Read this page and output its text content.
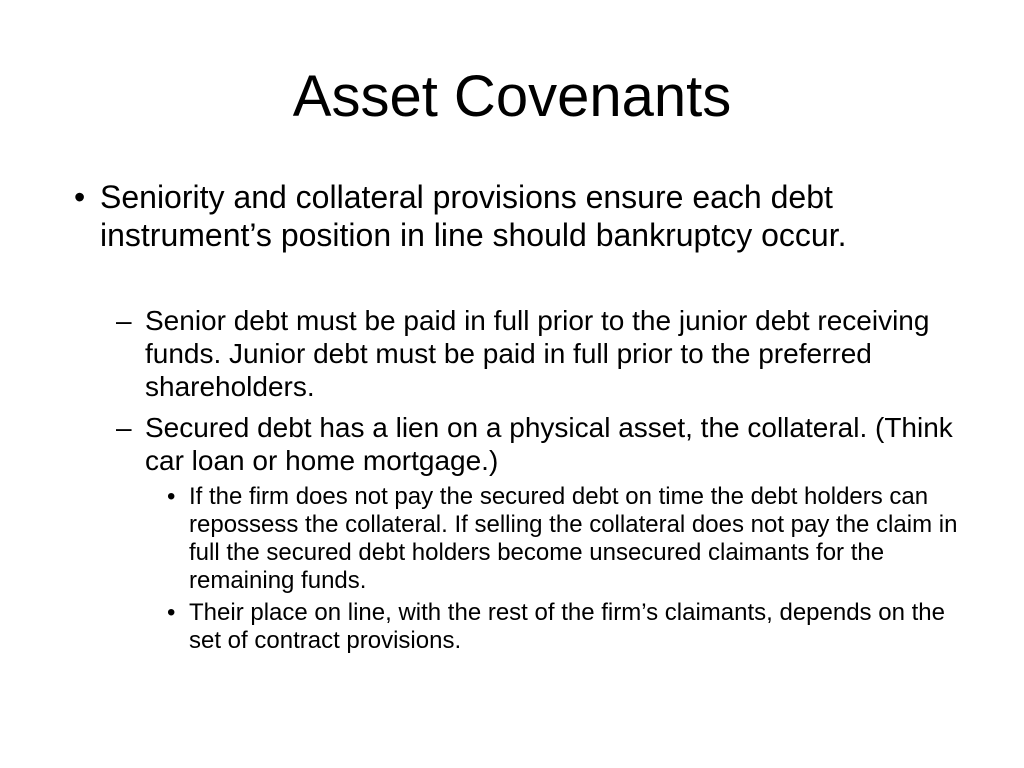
Asset Covenants
• Seniority and collateral provisions ensure each debt instrument’s position in line should bankruptcy occur.
– Senior debt must be paid in full prior to the junior debt receiving funds. Junior debt must be paid in full prior to the preferred shareholders.
– Secured debt has a lien on a physical asset, the collateral. (Think car loan or home mortgage.)
• If the firm does not pay the secured debt on time the debt holders can repossess the collateral. If selling the collateral does not pay the claim in full the secured debt holders become unsecured claimants for the remaining funds.
• Their place on line, with the rest of the firm’s claimants, depends on the set of contract provisions.
